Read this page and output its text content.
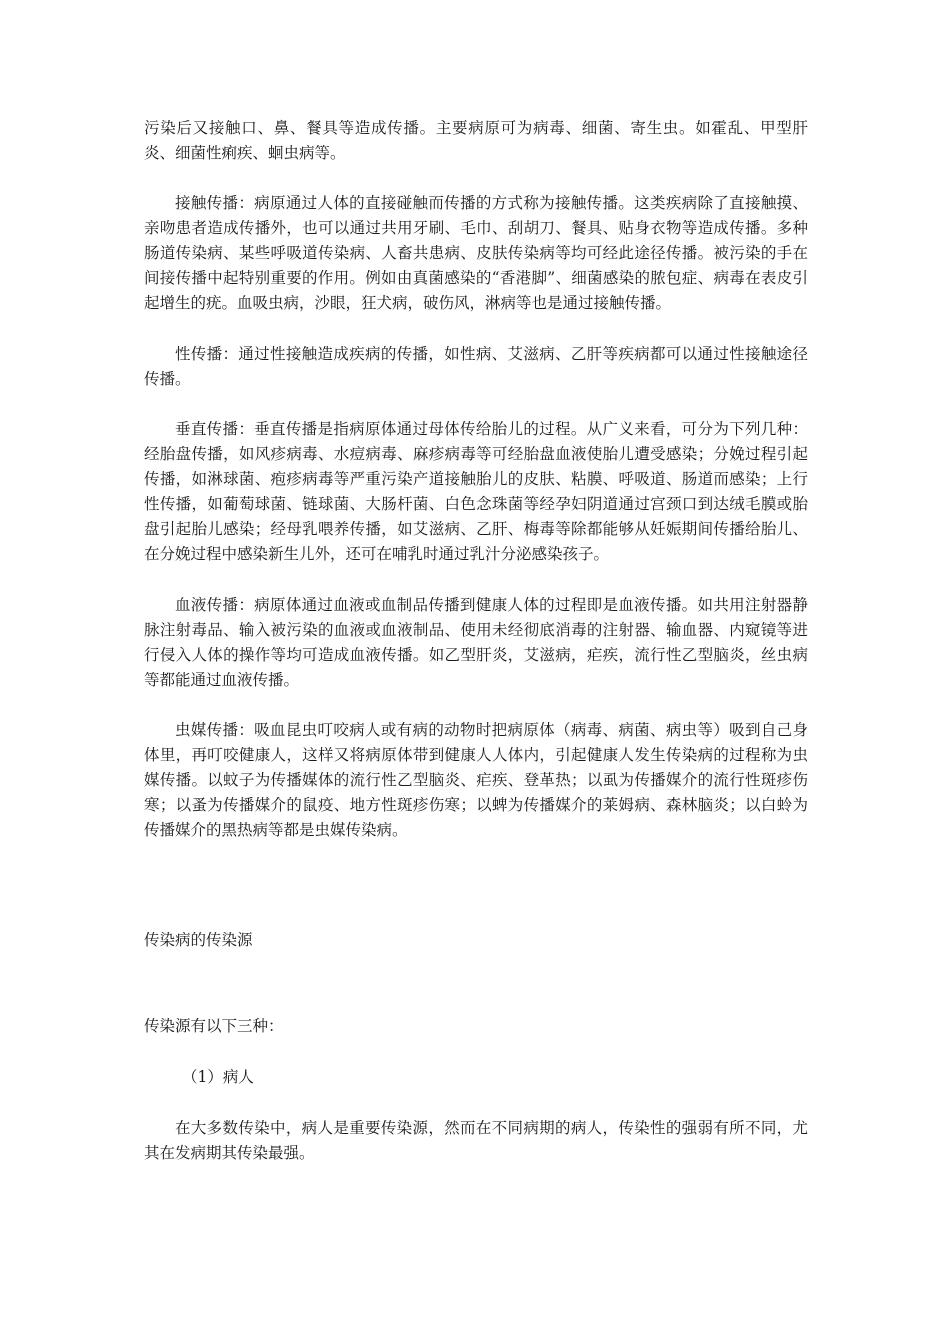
污染后又接触口、鼻、餐具等造成传播。主要病原可为病毒、细菌、寄生虫。如霍乱、甲型肝炎、细菌性痢疾、蛔虫病等。

接触传播：病原通过人体的直接碰触而传播的方式称为接触传播。这类疾病除了直接触摸、亲吻患者造成传播外，也可以通过共用牙刷、毛巾、刮胡刀、餐具、贴身衣物等造成传播。多种肠道传染病、某些呼吸道传染病、人畜共患病、皮肤传染病等均可经此途径传播。被污染的手在间接传播中起特别重要的作用。例如由真菌感染的“香港脚”、细菌感染的脓包症、病毒在表皮引起增生的疣。血吸虫病，沙眼，狂犬病，破伤风，淋病等也是通过接触传播。

性传播：通过性接触造成疾病的传播，如性病、艾滋病、乙肝等疾病都可以通过性接触途径传播。

垂直传播：垂直传播是指病原体通过母体传给胎儿的过程。从广义来看，可分为下列几种：经胎盘传播，如风疹病毒、水痘病毒、麻疹病毒等可经胎盘血液使胎儿遭受感染；分娩过程引起传播，如淋球菌、疱疹病毒等严重污染产道接触胎儿的皮肤、粘膜、呼吸道、肠道而感染；上行性传播，如葡萄球菌、链球菌、大肠杆菌、白色念珠菌等经孕妇阴道通过宫颈口到达绒毛膜或胎盘引起胎儿感染；经母乳喂养传播，如艾滋病、乙肝、梅毒等除都能够从妊娠期间传播给胎儿、在分娩过程中感染新生儿外，还可在哺乳时通过乳汁分泌感染孩子。

血液传播：病原体通过血液或血制品传播到健康人体的过程即是血液传播。如共用注射器静脉注射毒品、输入被污染的血液或血液制品、使用未经彻底消毒的注射器、输血器、内窥镜等进行侵入人体的操作等均可造成血液传播。如乙型肝炎，艾滋病，疟疾，流行性乙型脑炎，丝虫病等都能通过血液传播。

虫媒传播：吸血昆虫叮咬病人或有病的动物时把病原体（病毒、病菌、病虫等）吸到自己身体里，再叮咬健康人，这样又将病原体带到健康人人体内，引起健康人发生传染病的过程称为虫媒传播。以蚊子为传播媒体的流行性乙型脑炎、疟疾、登革热；以虱为传播媒介的流行性斑疹伤寒；以蚤为传播媒介的鼠疫、地方性斑疹伤寒；以蜱为传播媒介的莱姆病、森林脑炎；以白蛉为传播媒介的黑热病等都是虫媒传染病。

传染病的传染源

传染源有以下三种：

（1）病人

在大多数传染中，病人是重要传染源，然而在不同病期的病人，传染性的强弱有所不同，尤其在发病期其传染最强。
